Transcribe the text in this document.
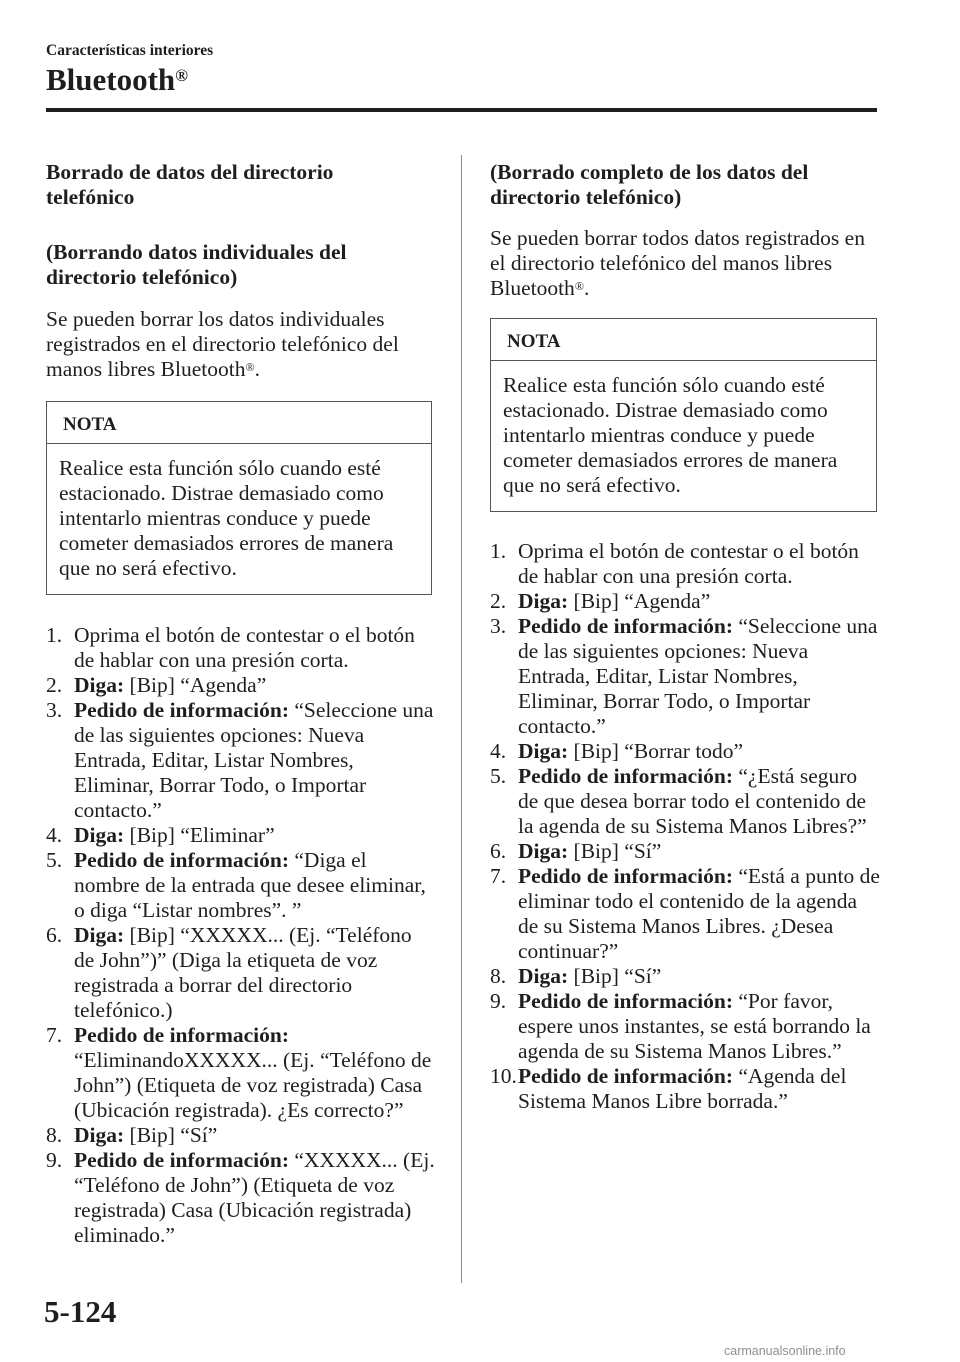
Características interiores
Bluetooth®

Borrado de datos del directorio telefónico

(Borrando datos individuales del directorio telefónico)

Se pueden borrar los datos individuales registrados en el directorio telefónico del manos libres Bluetooth®.

NOTA
Realice esta función sólo cuando esté estacionado. Distrae demasiado como intentarlo mientras conduce y puede cometer demasiados errores de manera que no será efectivo.
1. Oprima el botón de contestar o el botón de hablar con una presión corta.
2. Diga: [Bip] “Agenda”
3. Pedido de información: “Seleccione una de las siguientes opciones: Nueva Entrada, Editar, Listar Nombres, Eliminar, Borrar Todo, o Importar contacto.”
4. Diga: [Bip] “Eliminar”
5. Pedido de información: “Diga el nombre de la entrada que desee eliminar, o diga “Listar nombres”. ”
6. Diga: [Bip] “XXXXX... (Ej. “Teléfono de John”)” (Diga la etiqueta de voz registrada a borrar del directorio telefónico.)
7. Pedido de información: “EliminandoXXXXX... (Ej. “Teléfono de John”) (Etiqueta de voz registrada) Casa (Ubicación registrada). ¿Es correcto?”
8. Diga: [Bip] “Sí”
9. Pedido de información: “XXXXX... (Ej. “Teléfono de John”) (Etiqueta de voz registrada) Casa (Ubicación registrada) eliminado.”

(Borrado completo de los datos del directorio telefónico)

Se pueden borrar todos datos registrados en el directorio telefónico del manos libres Bluetooth®.

NOTA
Realice esta función sólo cuando esté estacionado. Distrae demasiado como intentarlo mientras conduce y puede cometer demasiados errores de manera que no será efectivo.
1. Oprima el botón de contestar o el botón de hablar con una presión corta.
2. Diga: [Bip] “Agenda”
3. Pedido de información: “Seleccione una de las siguientes opciones: Nueva Entrada, Editar, Listar Nombres, Eliminar, Borrar Todo, o Importar contacto.”
4. Diga: [Bip] “Borrar todo”
5. Pedido de información: “¿Está seguro de que desea borrar todo el contenido de la agenda de su Sistema Manos Libres?”
6. Diga: [Bip] “Sí”
7. Pedido de información: “Está a punto de eliminar todo el contenido de la agenda de su Sistema Manos Libres. ¿Desea continuar?”
8. Diga: [Bip] “Sí”
9. Pedido de información: “Por favor, espere unos instantes, se está borrando la agenda de su Sistema Manos Libres.”
10. Pedido de información: “Agenda del Sistema Manos Libre borrada.”
5-124
carmanualsonline.info
